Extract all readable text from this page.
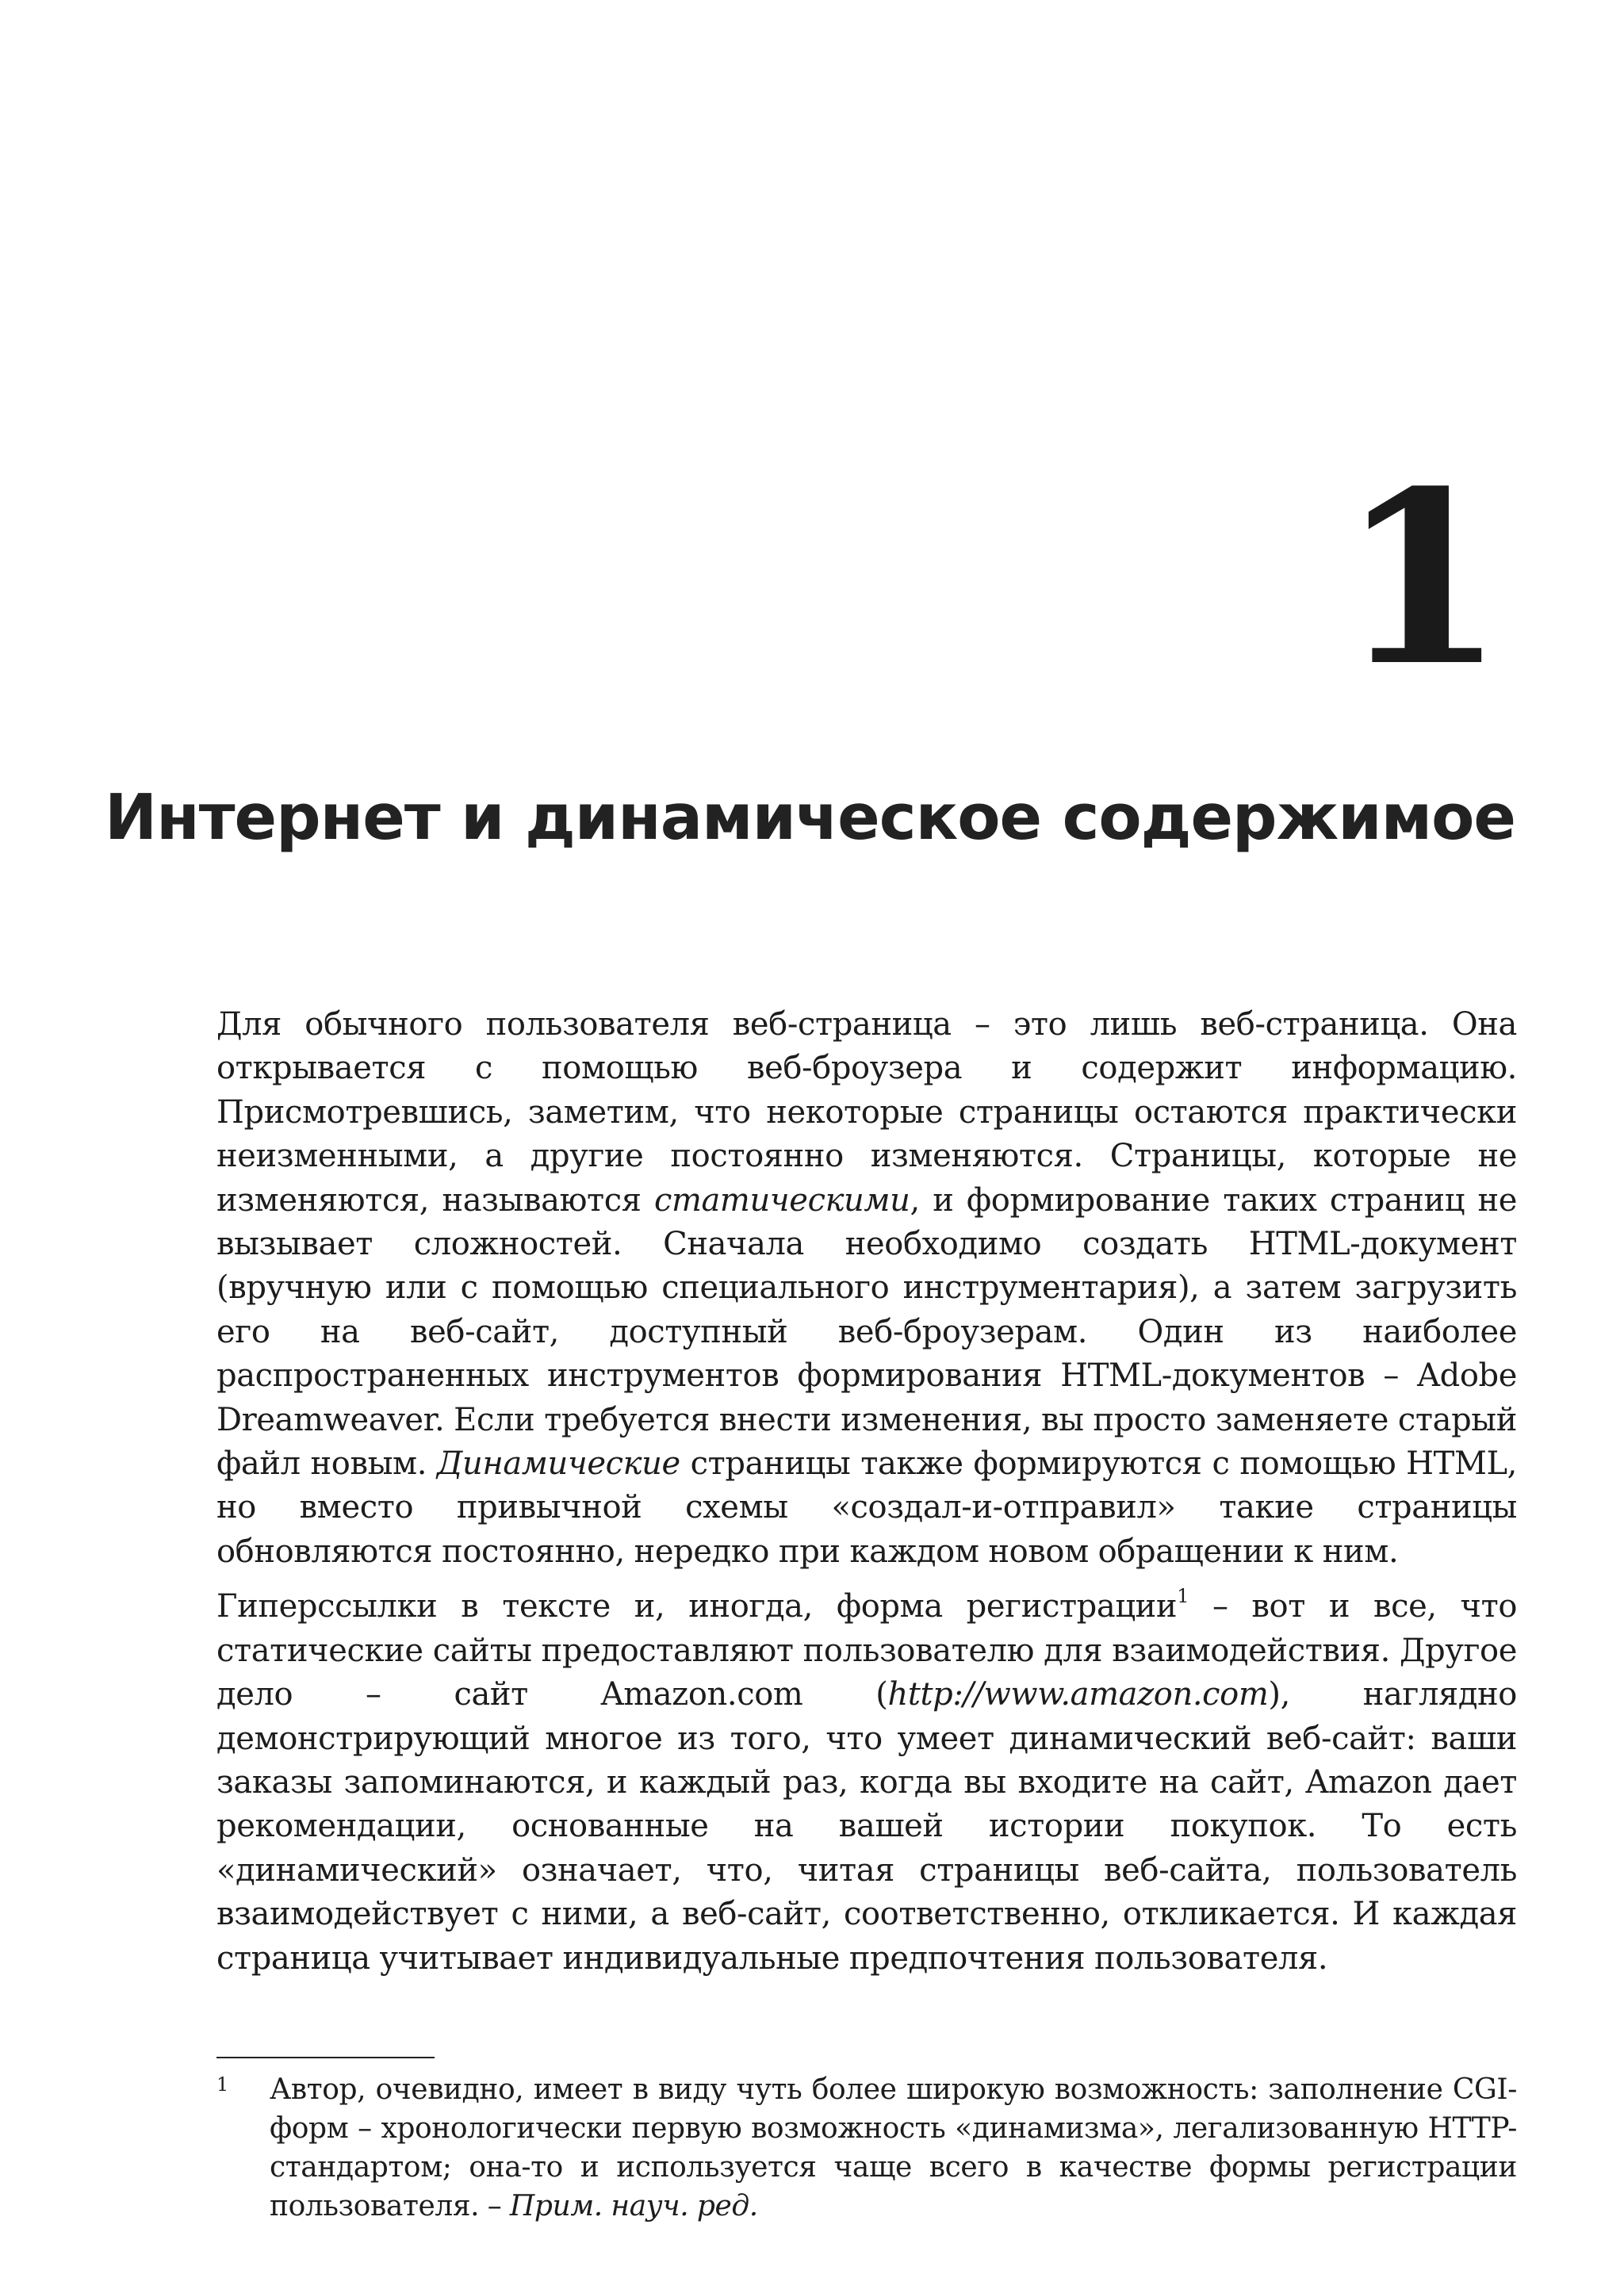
1
Интернет и динамическое содержимое

Для обычного пользователя веб-страница – это лишь веб-страница. Она открывается с помощью веб-броузера и содержит информацию. Присмотревшись, заметим, что некоторые страницы остаются практически неизменными, а другие постоянно изменяются. Страницы, которые не изменяются, называются статическими, и формирование таких страниц не вызывает сложностей. Сначала необходимо создать HTML-документ (вручную или с помощью специального инструментария), а затем загрузить его на веб-сайт, доступный веб-броузерам. Один из наиболее распространенных инструментов формирования HTML-документов – Adobe Dreamweaver. Если требуется внести изменения, вы просто заменяете старый файл новым. Динамические страницы также формируются с помощью HTML, но вместо привычной схемы «создал-и-отправил» такие страницы обновляются постоянно, нередко при каждом новом обращении к ним.

Гиперссылки в тексте и, иногда, форма регистрации$^1$ – вот и все, что статические сайты предоставляют пользователю для взаимодействия. Другое дело – сайт Amazon.com (http://www.amazon.com), наглядно демонстрирующий многое из того, что умеет динамический веб-сайт: ваши заказы запоминаются, и каждый раз, когда вы входите на сайт, Amazon дает рекомендации, основанные на вашей истории покупок. То есть «динамический» означает, что, читая страницы веб-сайта, пользователь взаимодействует с ними, а веб-сайт, соответственно, откликается. И каждая страница учитывает индивидуальные предпочтения пользователя.

1 Автор, очевидно, имеет в виду чуть более широкую возможность: заполнение CGI-форм – хронологически первую возможность «динамизма», легализованную HTTP-стандартом; она-то и используется чаще всего в качестве формы регистрации пользователя. – Прим. науч. ред.
